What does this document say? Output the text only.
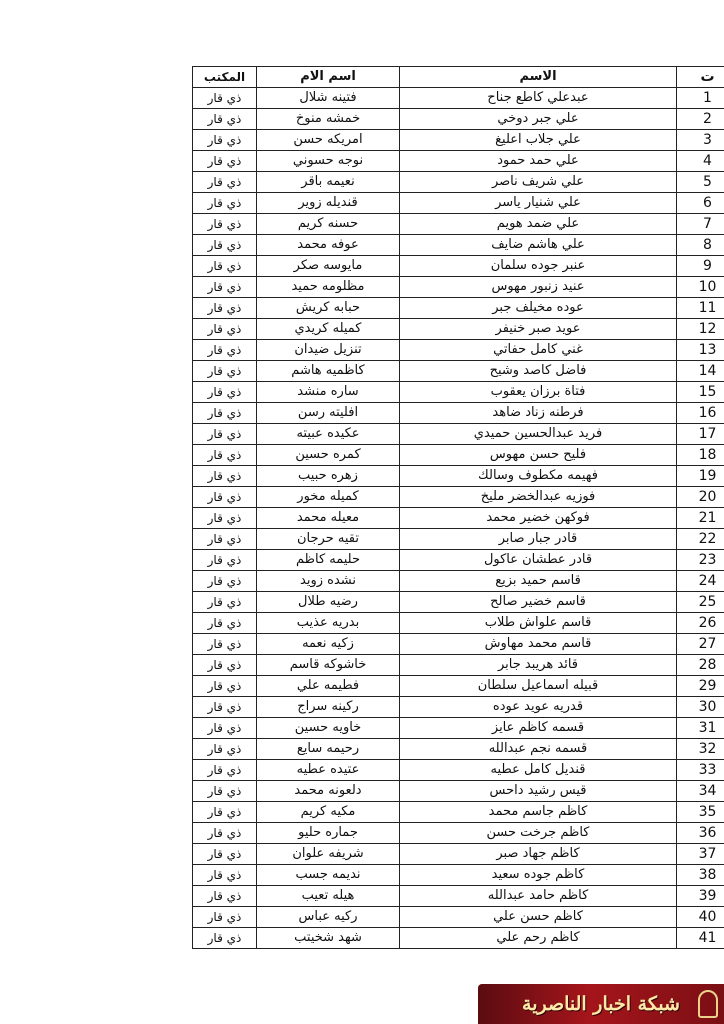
ت	الاسم	اسم الام	المكتب
1	عبدعلي كاطع جناح	فتينه شلال	ذي قار
2	علي جبر دوخي	خمشه منوخ	ذي قار
3	علي جلاب اعليغ	امريكه حسن	ذي قار
4	علي حمد حمود	نوجه حسوني	ذي قار
5	علي شريف ناصر	نعيمه باقر	ذي قار
6	علي شنيار ياسر	قنديله زوير	ذي قار
7	علي ضمد هويم	حسنه كريم	ذي قار
8	علي هاشم ضايف	عوفه محمد	ذي قار
9	عنبر جوده سلمان	مايوسه صكر	ذي قار
10	عنيد زنبور مهوس	مظلومه حميد	ذي قار
11	عوده مخيلف جبر	حبابه كريش	ذي قار
12	عويد صبر خنيفر	كميله كريدي	ذي قار
13	غني كامل حفاتي	تنزيل ضيدان	ذي قار
14	فاضل كاصد وشيح	كاظميه هاشم	ذي قار
15	فتاة برزان يعقوب	ساره منشد	ذي قار
16	فرطنه زناد ضاهد	افليته رسن	ذي قار
17	فريد عبدالحسين حميدي	عكيده عبيته	ذي قار
18	فليح حسن مهوس	كمره حسين	ذي قار
19	فهيمه مكطوف وسالك	زهره حبيب	ذي قار
20	فوزيه عبدالخضر مليخ	كميله مخور	ذي قار
21	فوكهن خضير محمد	معيله محمد	ذي قار
22	قادر جبار صابر	تقيه حرجان	ذي قار
23	قادر عطشان عاكول	حليمه كاظم	ذي قار
24	قاسم حميد بزيع	نشده زويد	ذي قار
25	قاسم خضير صالح	رضيه طلال	ذي قار
26	قاسم علواش طلاب	بدريه عذيب	ذي قار
27	قاسم محمد مهاوش	زكيه نعمه	ذي قار
28	قائد هريبد جابر	خاشوكه قاسم	ذي قار
29	قبيله اسماعيل سلطان	فطيمه علي	ذي قار
30	قدريه عويد عوده	ركينه سراج	ذي قار
31	قسمه كاظم عايز	خاويه حسين	ذي قار
32	قسمه نجم عبدالله	رحيمه سايع	ذي قار
33	قنديل كامل عطيه	عتيده عطيه	ذي قار
34	قيس رشيد داحس	دلعونه محمد	ذي قار
35	كاظم جاسم محمد	مكيه كريم	ذي قار
36	كاظم جرخت حسن	جماره حليو	ذي قار
37	كاظم جهاد صبر	شريفه علوان	ذي قار
38	كاظم جوده سعيد	نديمه جسب	ذي قار
39	كاظم حامد عبدالله	هيله تعيب	ذي قار
40	كاظم حسن علي	ركيه عباس	ذي قار
41	كاظم رحم علي	شهد شخيتب	ذي قار
شبكة اخبار الناصرية
